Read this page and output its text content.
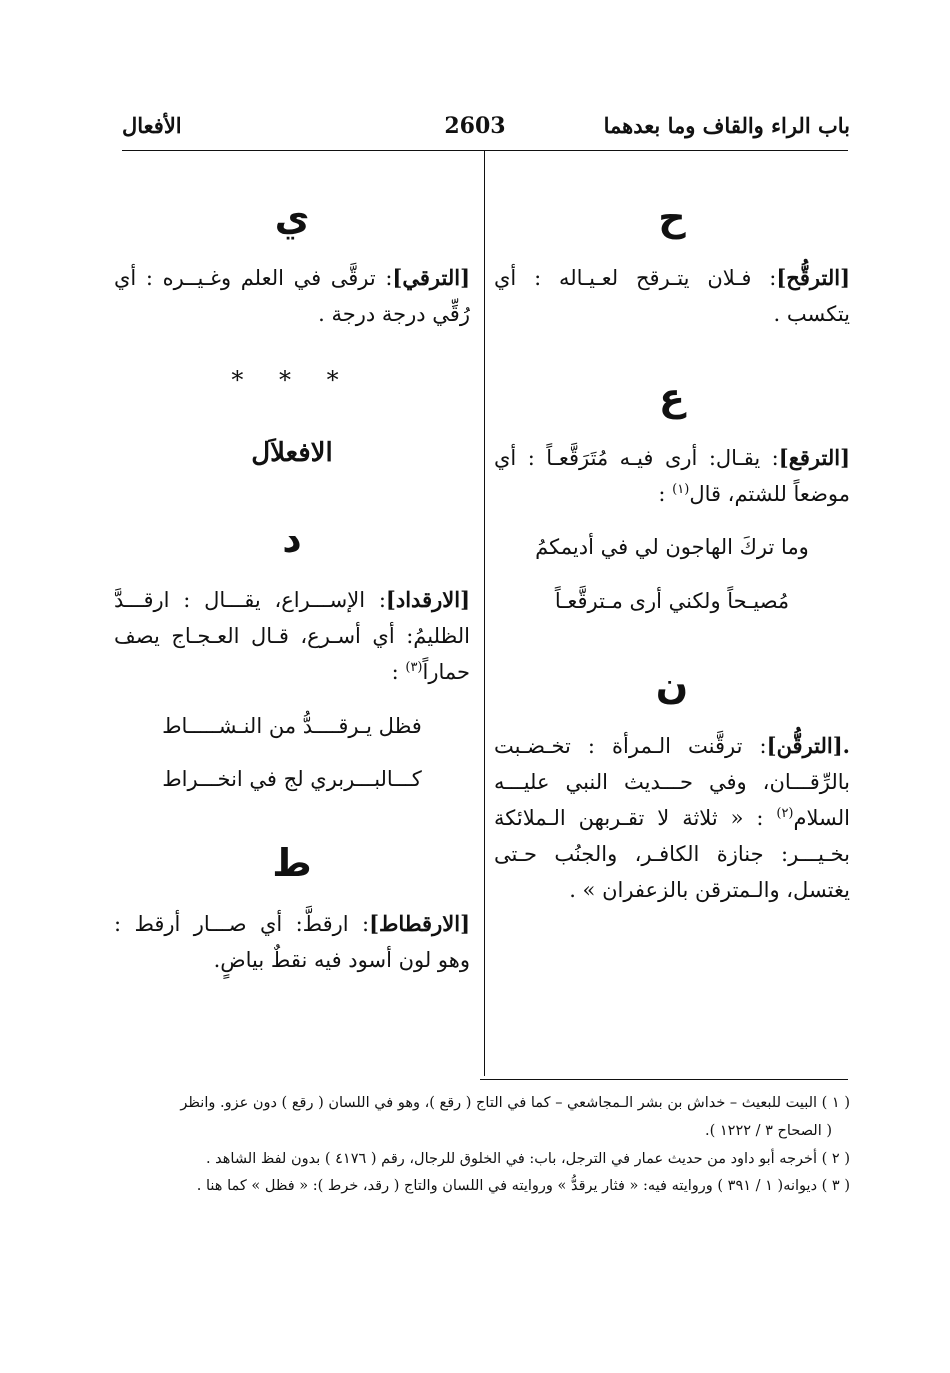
باب الراء والقاف وما بعدهما
2603
الأفعال
ح

[الترقُّح]: فـلان يتـرقح لعـيـاله : أي يتكسب .

ع

[الترقع]: يقـال: أرى فيـه مُتَرَقَّعـاً : أي موضعاً للشتم، قال$^{(١)}$ :

وما تركَ الهاجون لي في أديمكمُ
مُصيـحاً ولكني أرى مـترقَّعـاً
ن

.[الترقُّن]: ترقَّنت الـمرأة : تخـضـبت بالرِّقـــان، وفي حـــديث النبي عليـــه السلام$^{(٢)}$ : « ثلاثة لا تقـربهن الـملائكة بخـيـــر: جنازة الكافـر، والجنُب حـتى يغتسل، والـمترقن بالزعفران » .

ي

[الترقي]: ترقَّى في العلم وغـيــره : أي رُقِّي درجة درجة .

* * *
الافعلاَل
د

[الارقداد]: الإســـراع، يقـــال : ارقـــدَّ الظليمُ: أي أسـرع، قـال العـجـاج يصف حماراً$^{(٣)}$ :

فظل يـرقــــدُّ من النـشـــــاط
كـــالبـــربري لج في انخـــراط
ط

[الارقطاط]: ارقطَّ: أي صـــار أرقط : وهو لون أسود فيه نقطٌ بياضٍ.

( ١ ) البيت للبعيث – خداش بن بشر الـمجاشعي – كما في التاج ( رقع )، وهو في اللسان ( رقع ) دون عزو. وانظر

( الصحاح ٣ / ١٢٢٢ ).

( ٢ ) أخرجه أبو داود من حديث عمار في الترجل، باب: في الخلوق للرجال، رقم ( ٤١٧٦ ) بدون لفظ الشاهد .

( ٣ ) ديوانه( ١ / ٣٩١ ) وروايته فيه: « فثار يرقدُّ » وروايته في اللسان والتاج ( رقد، خرط ): « فظل » كما هنا .
